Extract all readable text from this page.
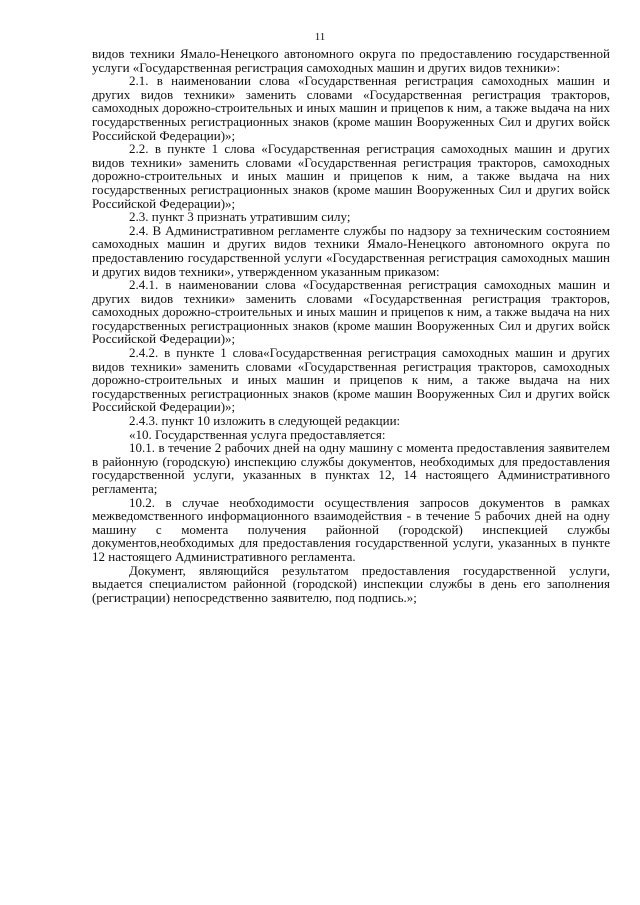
11

видов техники Ямало-Ненецкого автономного округа по предоставлению государственной услуги «Государственная регистрация самоходных машин и других видов техники»:

2.1. в наименовании слова «Государственная регистрация самоходных машин и других видов техники» заменить словами «Государственная регистрация тракторов, самоходных дорожно-строительных и иных машин и прицепов к ним, а также выдача на них государственных регистрационных знаков (кроме машин Вооруженных Сил и других войск Российской Федерации)»;

2.2. в пункте 1 слова «Государственная регистрация самоходных машин и других видов техники» заменить словами «Государственная регистрация тракторов, самоходных дорожно-строительных и иных машин и прицепов к ним, а также выдача на них государственных регистрационных знаков (кроме машин Вооруженных Сил и других войск Российской Федерации)»;

2.3. пункт 3 признать утратившим силу;

2.4. В Административном регламенте службы по надзору за техническим состоянием самоходных машин и других видов техники Ямало-Ненецкого автономного округа по предоставлению государственной услуги «Государственная регистрация самоходных машин и других видов техники», утвержденном указанным приказом:

2.4.1. в наименовании слова «Государственная регистрация самоходных машин и других видов техники» заменить словами «Государственная регистрация тракторов, самоходных дорожно-строительных и иных машин и прицепов к ним, а также выдача на них государственных регистрационных знаков (кроме машин Вооруженных Сил и других войск Российской Федерации)»;

2.4.2. в пункте 1 слова«Государственная регистрация самоходных машин и других видов техники» заменить словами «Государственная регистрация тракторов, самоходных дорожно-строительных и иных машин и прицепов к ним, а также выдача на них государственных регистрационных знаков (кроме машин Вооруженных Сил и других войск Российской Федерации)»;

2.4.3. пункт 10 изложить в следующей редакции:

«10. Государственная услуга предоставляется:

10.1. в течение 2 рабочих дней на одну машину с момента предоставления заявителем в районную (городскую) инспекцию службы документов, необходимых для предоставления государственной услуги, указанных в пунктах 12, 14 настоящего Административного регламента;

10.2. в случае необходимости осуществления запросов документов в рамках межведомственного информационного взаимодействия - в течение 5 рабочих дней на одну машину с момента получения районной (городской) инспекцией службы документов,необходимых для предоставления государственной услуги, указанных в пункте 12 настоящего Административного регламента.

Документ, являющийся результатом предоставления государственной услуги, выдается специалистом районной (городской) инспекции службы в день его заполнения (регистрации) непосредственно заявителю, под подпись.»;
